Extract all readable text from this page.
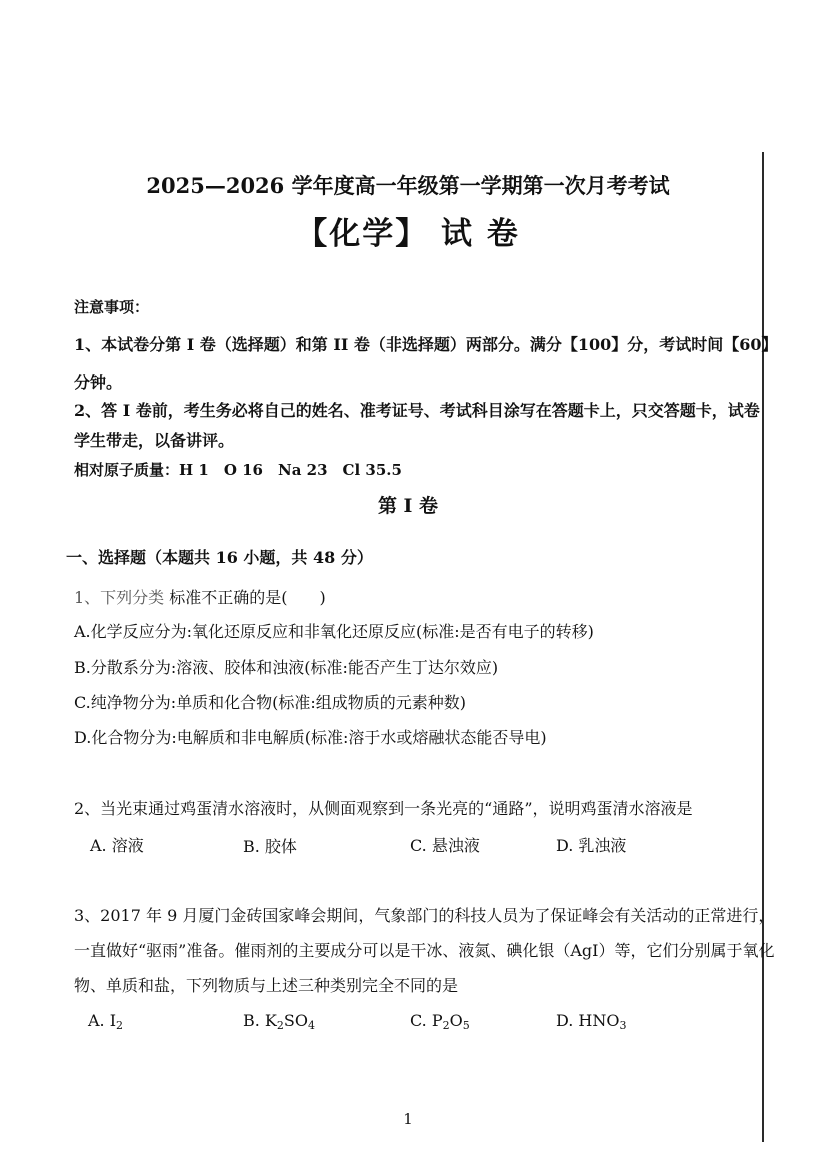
2025—2026 学年度高一年级第一学期第一次月考考试
【化学】 试 卷
注意事项：
1、本试卷分第 I 卷（选择题）和第 II 卷（非选择题）两部分。满分【100】分，考试时间【60】
分钟。
2、答 I 卷前，考生务必将自己的姓名、准考证号、考试科目涂写在答题卡上，只交答题卡，试卷
学生带走，以备讲评。
相对原子质量：H 1　O 16　Na 23　Cl 35.5
第 I 卷
一、选择题（本题共 16 小题，共 48 分）
1、下列分类 标准不正确的是(　　)
A.化学反应分为:氧化还原反应和非氧化还原反应(标准:是否有电子的转移)
B.分散系分为:溶液、胶体和浊液(标准:能否产生丁达尔效应)
C.纯净物分为:单质和化合物(标准:组成物质的元素种数)
D.化合物分为:电解质和非电解质(标准:溶于水或熔融状态能否导电)
2、当光束通过鸡蛋清水溶液时，从侧面观察到一条光亮的“通路”，说明鸡蛋清水溶液是
A. 溶液	B. 胶体	C. 悬浊液	D. 乳浊液
3、2017 年 9 月厦门金砖国家峰会期间，气象部门的科技人员为了保证峰会有关活动的正常进行，
一直做好“驱雨”准备。催雨剂的主要成分可以是干冰、液氮、碘化银（AgI）等，它们分别属于氧化
物、单质和盐，下列物质与上述三种类别完全不同的是
A. $I_2$	B. $K_2SO_4$	C. $P_2O_5$	D. $HNO_3$
1
